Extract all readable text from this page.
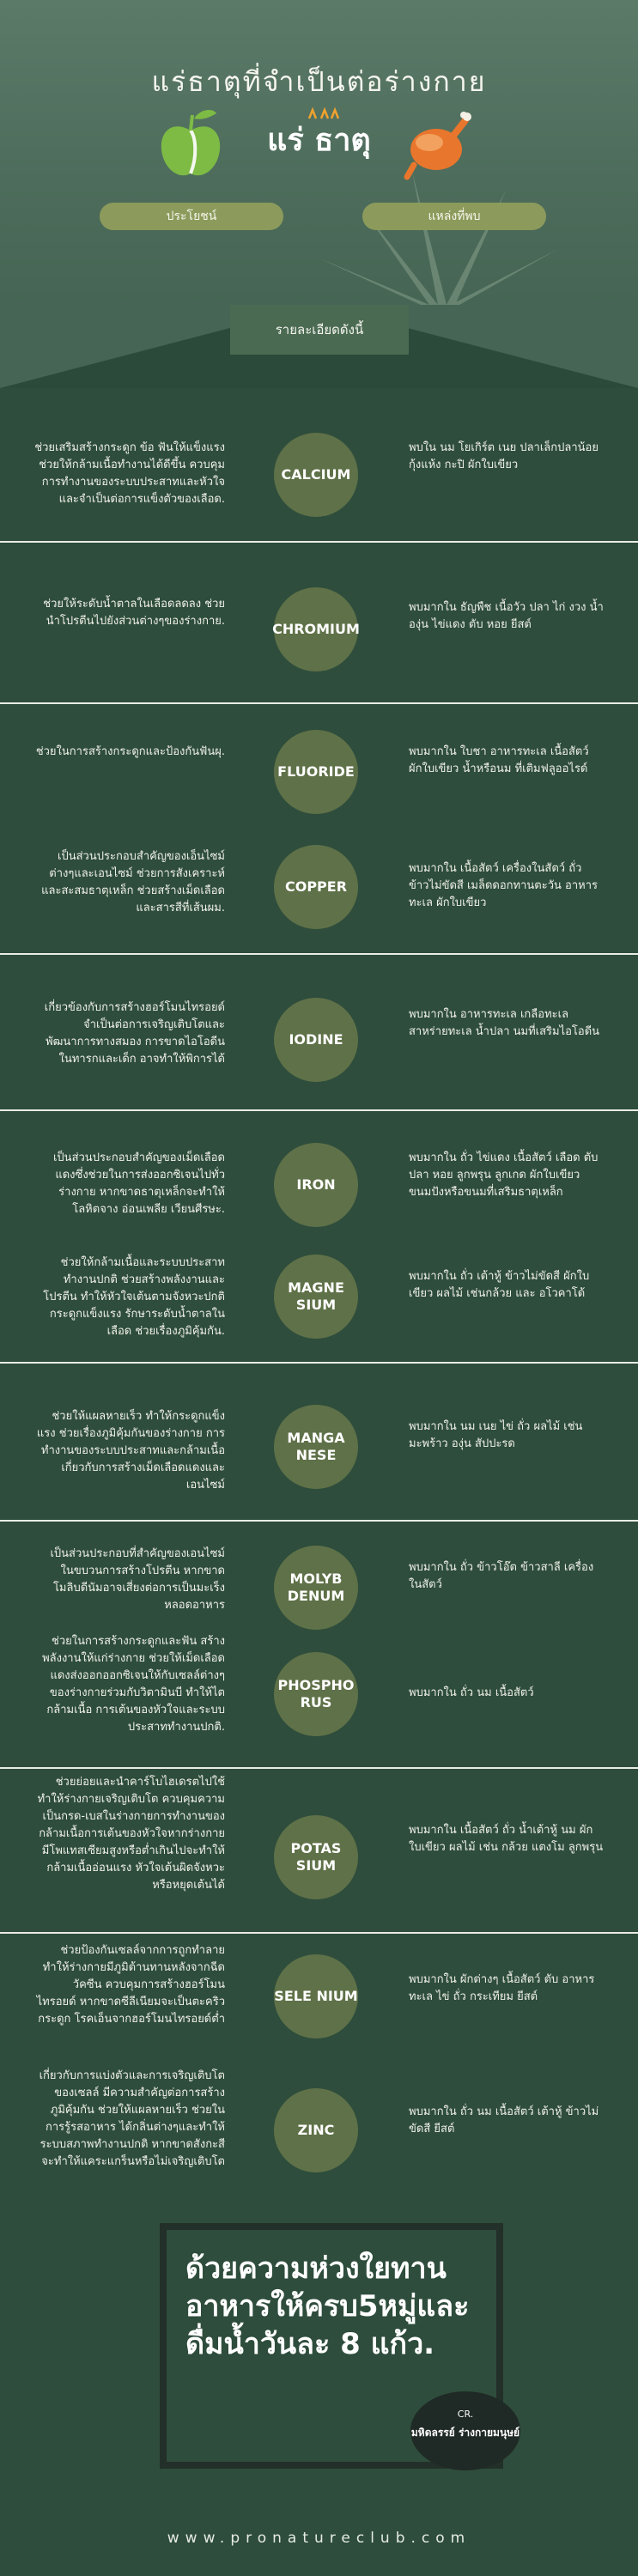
แร่ธาตุที่จำเป็นต่อร่างกาย
แร่ ธาตุ
ประโยชน์	แหล่งที่พบ
รายละเอียดดังนี้
ช่วยเสริมสร้างกระดูก ข้อ ฟันให้แข็งแรง ช่วยให้กล้ามเนื้อทำงานได้ดีขึ้น ควบคุมการทำงานของระบบประสาทและหัวใจและจำเป็นต่อการแข็งตัวของเลือด.
CALCIUM
พบใน นม โยเกิร์ต เนย ปลาเล็กปลาน้อย กุ้งแห้ง กะปิ ผักใบเขียว
ช่วยให้ระดับน้ำตาลในเลือดลดลง ช่วยนำโปรตีนไปยังส่วนต่างๆของร่างกาย.	CHROMIUM
พบมากใน ธัญพืช เนื้อวัว ปลา ไก่ งวง น้ำองุ่น ไข่แดง ตับ หอย ยีสต์
ช่วยในการสร้างกระดูกและป้องกันฟันผุ.
FLUORIDE
พบมากใน ใบชา อาหารทะเล เนื้อสัตว์ ผักใบเขียว น้ำหรือนม ที่เติมฟลูออไรด์
เป็นส่วนประกอบสำคัญของเอ็นไซม์ต่างๆและเอนไซม์ ช่วยการสังเคราะห์และสะสมธาตุเหล็ก ช่วยสร้างเม็ดเลือดและสารสีที่เส้นผม.
COPPER
พบมากใน เนื้อสัตว์ เครื่องในสัตว์ ถั่ว ข้าวไม่ขัดสี เมล็ดดอกทานตะวัน อาหารทะเล ผักใบเขียว
เกี่ยวข้องกับการสร้างฮอร์โมนไทรอยด์ จำเป็นต่อการเจริญเติบโตและพัฒนาการทางสมอง การขาดไอโอดีนในทารกและเด็ก อาจทำให้พิการได้
IODINE
พบมากใน อาหารทะเล เกลือทะเล สาหร่ายทะเล น้ำปลา นมที่เสริมไอโอดีน
เป็นส่วนประกอบสำคัญของเม็ดเลือดแดงซึ่งช่วยในการส่งออกซิเจนไปทั่วร่างกาย หากขาดธาตุเหล็กจะทำให้โลหิตจาง อ่อนเพลีย เวียนศีรษะ.
IRON
พบมากใน ถั่ว ไข่แดง เนื้อสัตว์ เลือด ตับ ปลา หอย ลูกพรุน ลูกเกด ผักใบเขียว ขนมปังหรือขนมที่เสริมธาตุเหล็ก
ช่วยให้กล้ามเนื้อและระบบประสาททำงานปกติ ช่วยสร้างพลังงานและโปรตีน ทำให้หัวใจเต้นตามจังหวะปกติ กระดูกแข็งแรง รักษาระดับน้ำตาลในเลือด ช่วยเรื่องภูมิคุ้มกัน.
MAGNE SIUM
พบมากใน ถั่ว เต้าหู้ ข้าวไม่ขัดสี ผักใบเขียว ผลไม้ เช่นกล้วย และ อโวคาโด้
ช่วยให้แผลหายเร็ว ทำให้กระดูกแข็งแรง ช่วยเรื่องภูมิคุ้มกันของร่างกาย การทำงานของระบบประสาทและกล้ามเนื้อ เกี่ยวกับการสร้างเม็ดเลือดแดงและเอนไซม์
MANGA NESE
พบมากใน นม เนย ไข่ ถั่ว ผลไม้ เช่นมะพร้าว องุ่น สัปปะรด
เป็นส่วนประกอบที่สำคัญของเอนไซม์ ในขบวนการสร้างโปรตีน หากขาดโมลิบดีนัมอาจเสี่ยงต่อการเป็นมะเร็งหลอดอาหาร
MOLYB DENUM
พบมากใน ถั่ว ข้าวโอ๊ต ข้าวสาลี เครื่องในสัตว์
ช่วยในการสร้างกระดูกและฟัน สร้างพลังงานให้แก่ร่างกาย ช่วยให้เม็ดเลือดแดงส่งออกออกซิเจนให้กับเซลล์ต่างๆของร่างกายร่วมกับวิตามินบี ทำให้ไต กล้ามเนื้อ การเต้นของหัวใจและระบบประสาททำงานปกติ.
PHOSPHO RUS
พบมากใน ถั่ว นม เนื้อสัตว์
ช่วยย่อยและนำคาร์โบไฮเดรตไปใช้ ทำให้ร่างกายเจริญเติบโต ควบคุมความเป็นกรด-เบสในร่างกายการทำงานของกล้ามเนื้อการเต้นของหัวใจหากร่างกายมีโพแทสเซียมสูงหรือต่ำเกินไปจะทำให้กล้ามเนื้ออ่อนแรง หัวใจเต้นผิดจังหวะหรือหยุดเต้นได้
POTAS SIUM
พบมากใน เนื้อสัตว์ ถั่ว น้ำเต้าหู้ นม ผักใบเขียว ผลไม้ เช่น กล้วย แตงโม ลูกพรุน
ช่วยป้องกันเซลล์จากการถูกทำลายทำให้ร่างกายมีภูมิต้านทานหลังจากฉีดวัคซีน ควบคุมการสร้างฮอร์โมนไทรอยด์ หากขาดซีลีเนียมจะเป็นตะคริว กระดูก โรคเอ็นจากฮอร์โมนไทรอยด์ต่ำ
SELE NIUM
พบมากใน ผักต่างๆ เนื้อสัตว์ ตับ อาหารทะเล ไข่ ถั่ว กระเทียม ยีสต์
เกี่ยวกับการแบ่งตัวและการเจริญเติบโตของเซลล์ มีความสำคัญต่อการสร้างภูมิคุ้มกัน ช่วยให้แผลหายเร็ว ช่วยในการรู้รสอาหาร ได้กลิ่นต่างๆและทำให้ระบบสภาพทำงานปกติ หากขาดสังกะสี จะทำให้แคระแกร็นหรือไม่เจริญเติบโต
ZINC
พบมากใน ถั่ว นม เนื้อสัตว์ เต้าหู้ ข้าวไม่ขัดสี ยีสต์
ด้วยความห่วงใยทานอาหารให้ครบ5หมู่และดื่มน้ำวันละ 8 แก้ว.
CR.
มหิดลรรย์ ร่างกายมนุษย์
www.pronatureclub.com
